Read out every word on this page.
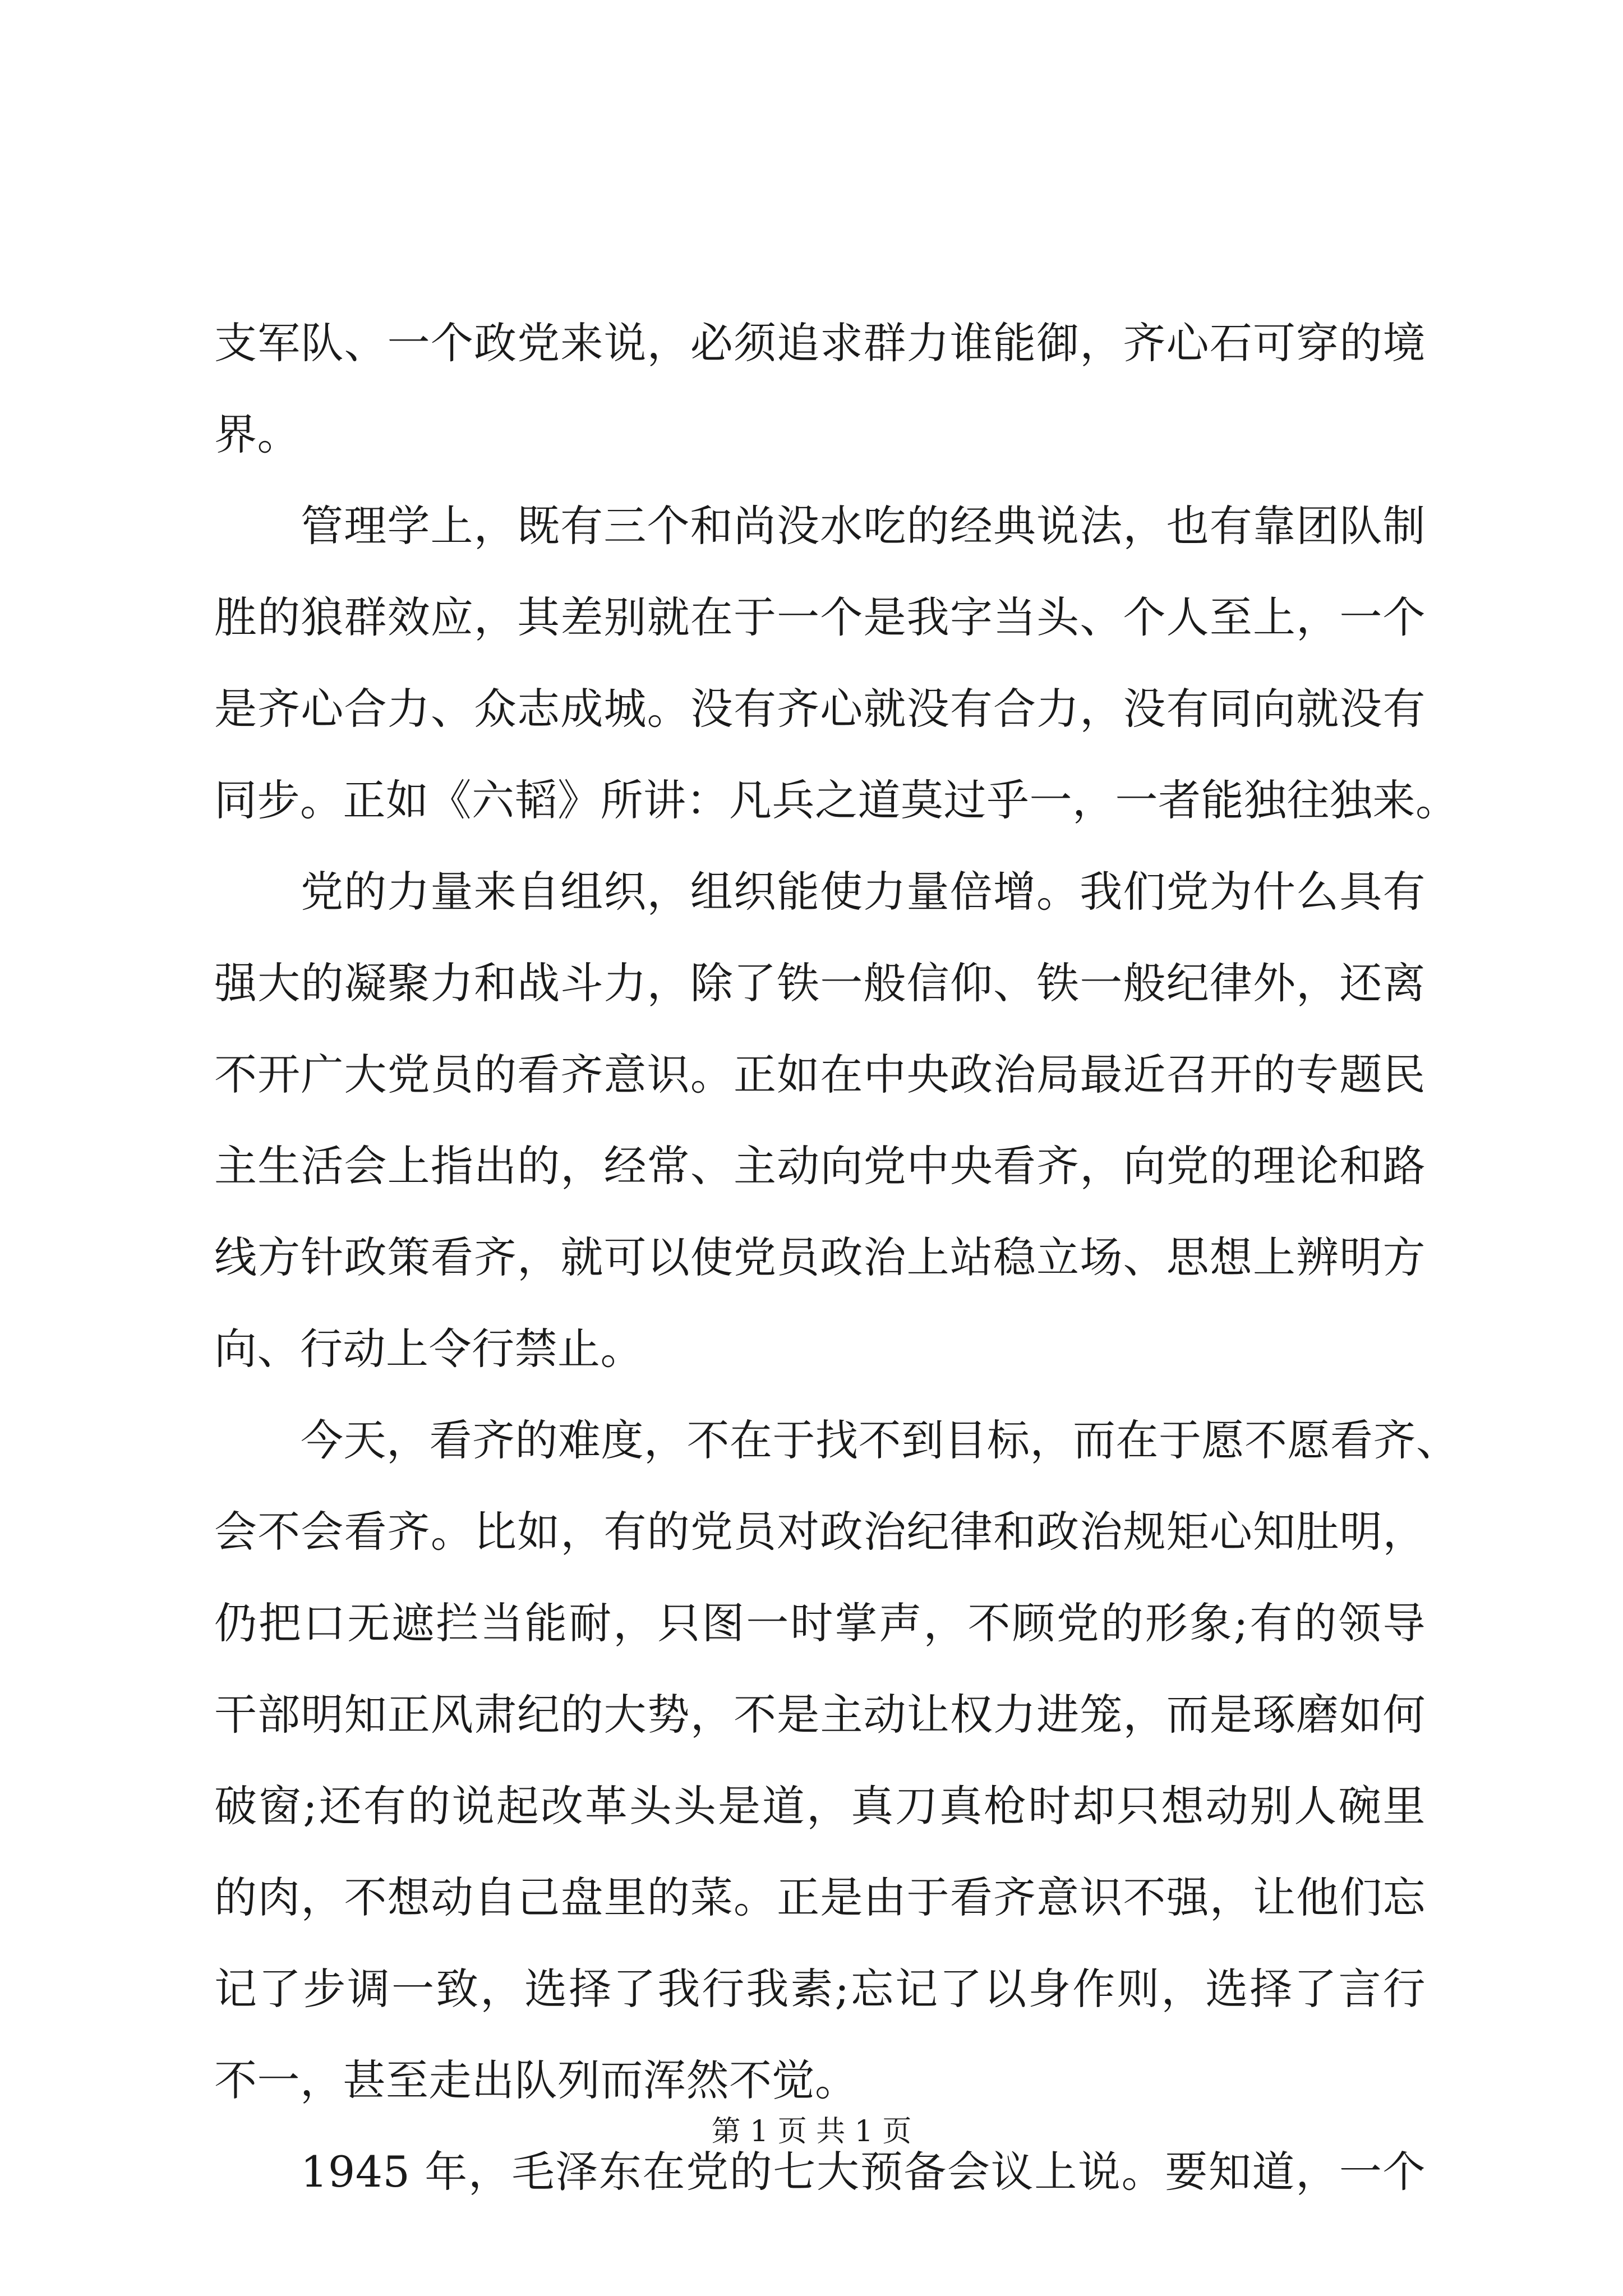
支军队、一个政党来说，必须追求群力谁能御，齐心石可穿的境
界。
管理学上，既有三个和尚没水吃的经典说法，也有靠团队制
胜的狼群效应，其差别就在于一个是我字当头、个人至上，一个
是齐心合力、众志成城。没有齐心就没有合力，没有同向就没有
同步。正如《六韬》所讲：凡兵之道莫过乎一，一者能独往独来。
党的力量来自组织，组织能使力量倍增。我们党为什么具有
强大的凝聚力和战斗力，除了铁一般信仰、铁一般纪律外，还离
不开广大党员的看齐意识。正如在中央政治局最近召开的专题民
主生活会上指出的，经常、主动向党中央看齐，向党的理论和路
线方针政策看齐，就可以使党员政治上站稳立场、思想上辨明方
向、行动上令行禁止。
今天，看齐的难度，不在于找不到目标，而在于愿不愿看齐、
会不会看齐。比如，有的党员对政治纪律和政治规矩心知肚明，
仍把口无遮拦当能耐，只图一时掌声，不顾党的形象;有的领导
干部明知正风肃纪的大势，不是主动让权力进笼，而是琢磨如何
破窗;还有的说起改革头头是道，真刀真枪时却只想动别人碗里
的肉，不想动自己盘里的菜。正是由于看齐意识不强，让他们忘
记了步调一致，选择了我行我素;忘记了以身作则，选择了言行
不一，甚至走出队列而浑然不觉。
1945 年，毛泽东在党的七大预备会议上说。要知道，一个
第 1 页 共 1 页
